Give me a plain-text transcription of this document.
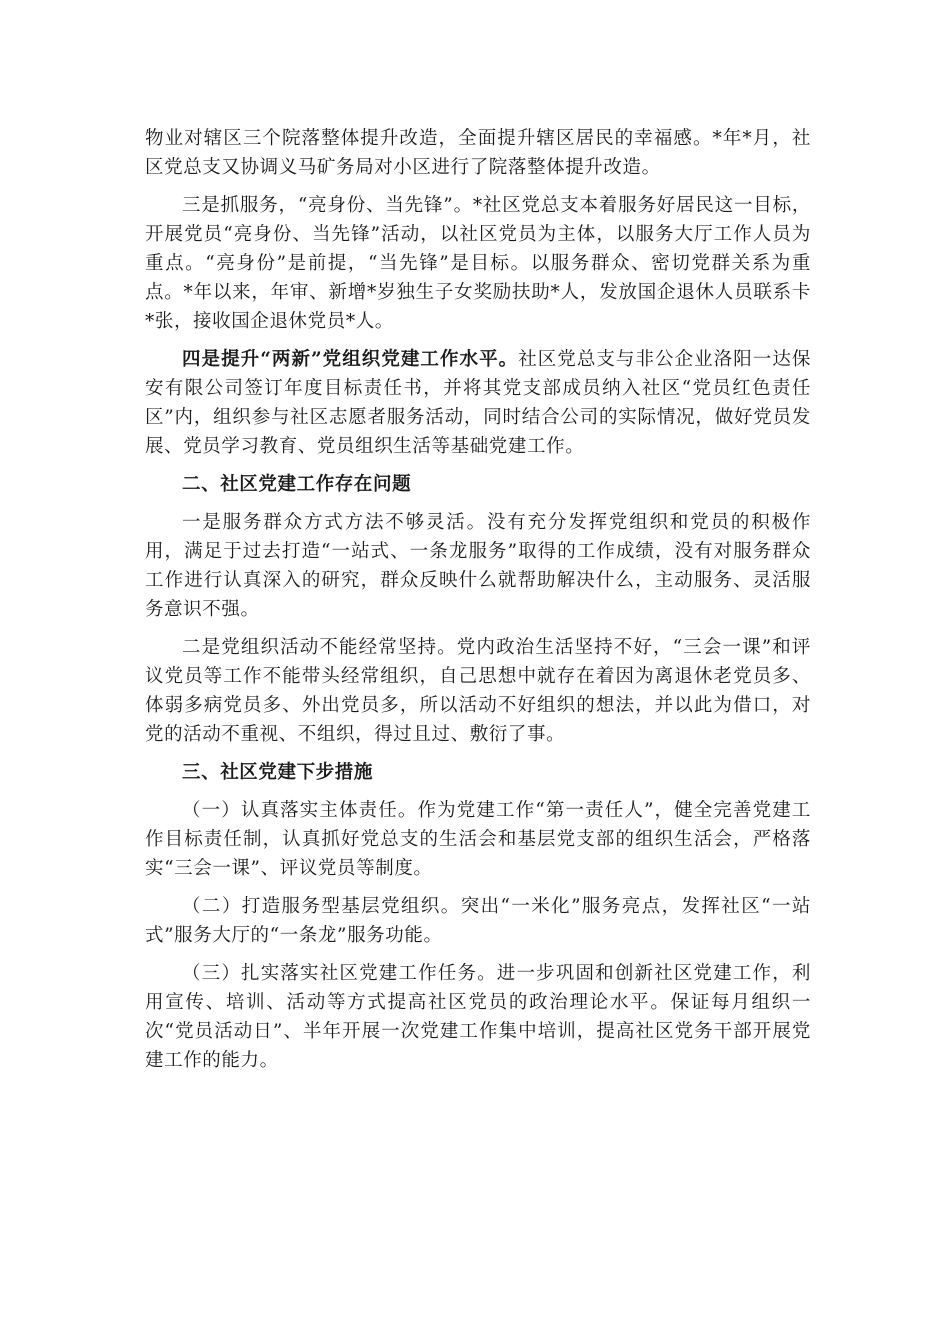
物业对辖区三个院落整体提升改造，全面提升辖区居民的幸福感。*年*月，社区党总支又协调义马矿务局对小区进行了院落整体提升改造。

三是抓服务，“亮身份、当先锋”。*社区党总支本着服务好居民这一目标，开展党员“亮身份、当先锋”活动，以社区党员为主体，以服务大厅工作人员为重点。“亮身份”是前提，“当先锋”是目标。以服务群众、密切党群关系为重点。*年以来，年审、新增*岁独生子女奖励扶助*人，发放国企退休人员联系卡*张，接收国企退休党员*人。

四是提升“两新”党组织党建工作水平。社区党总支与非公企业洛阳一达保安有限公司签订年度目标责任书，并将其党支部成员纳入社区“党员红色责任区”内，组织参与社区志愿者服务活动，同时结合公司的实际情况，做好党员发展、党员学习教育、党员组织生活等基础党建工作。

二、社区党建工作存在问题

一是服务群众方式方法不够灵活。没有充分发挥党组织和党员的积极作用，满足于过去打造“一站式、一条龙服务”取得的工作成绩，没有对服务群众工作进行认真深入的研究，群众反映什么就帮助解决什么，主动服务、灵活服务意识不强。

二是党组织活动不能经常坚持。党内政治生活坚持不好，“三会一课”和评议党员等工作不能带头经常组织，自己思想中就存在着因为离退休老党员多、体弱多病党员多、外出党员多，所以活动不好组织的想法，并以此为借口，对党的活动不重视、不组织，得过且过、敷衍了事。

三、社区党建下步措施

（一）认真落实主体责任。作为党建工作“第一责任人”，健全完善党建工作目标责任制，认真抓好党总支的生活会和基层党支部的组织生活会，严格落实“三会一课”、评议党员等制度。

（二）打造服务型基层党组织。突出“一米化”服务亮点，发挥社区“一站式”服务大厅的“一条龙”服务功能。

（三）扎实落实社区党建工作任务。进一步巩固和创新社区党建工作，利用宣传、培训、活动等方式提高社区党员的政治理论水平。保证每月组织一次“党员活动日”、半年开展一次党建工作集中培训，提高社区党务干部开展党建工作的能力。
